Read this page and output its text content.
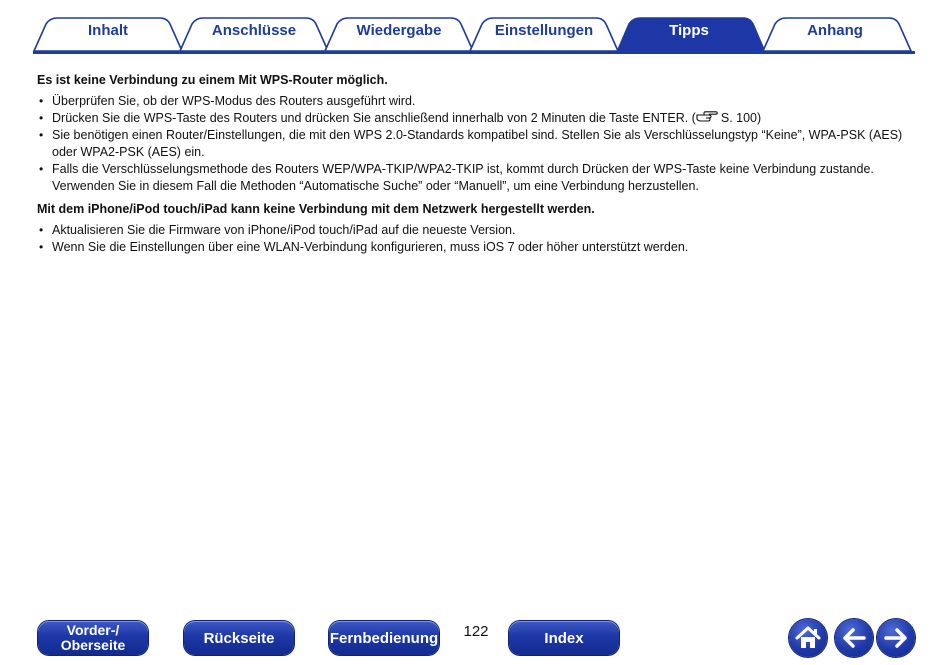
Inhalt	Anschlüsse	Wiedergabe	Einstellungen	Tipps	Anhang
Es ist keine Verbindung zu einem Mit WPS-Router möglich.
• Überprüfen Sie, ob der WPS-Modus des Routers ausgeführt wird.
• Drücken Sie die WPS-Taste des Routers und drücken Sie anschließend innerhalb von 2 Minuten die Taste ENTER. ( S. 100)
• Sie benötigen einen Router/Einstellungen, die mit den WPS 2.0-Standards kompatibel sind. Stellen Sie als Verschlüsselungstyp “Keine”, WPA-PSK (AES) oder WPA2-PSK (AES) ein.
• Falls die Verschlüsselungsmethode des Routers WEP/WPA-TKIP/WPA2-TKIP ist, kommt durch Drücken der WPS-Taste keine Verbindung zustande. Verwenden Sie in diesem Fall die Methoden “Automatische Suche” oder “Manuell”, um eine Verbindung herzustellen.
Mit dem iPhone/iPod touch/iPad kann keine Verbindung mit dem Netzwerk hergestellt werden.
• Aktualisieren Sie die Firmware von iPhone/iPod touch/iPad auf die neueste Version.
• Wenn Sie die Einstellungen über eine WLAN-Verbindung konfigurieren, muss iOS 7 oder höher unterstützt werden.
Vorder-/
Oberseite	Rückseite	Fernbedienung	122	Index
